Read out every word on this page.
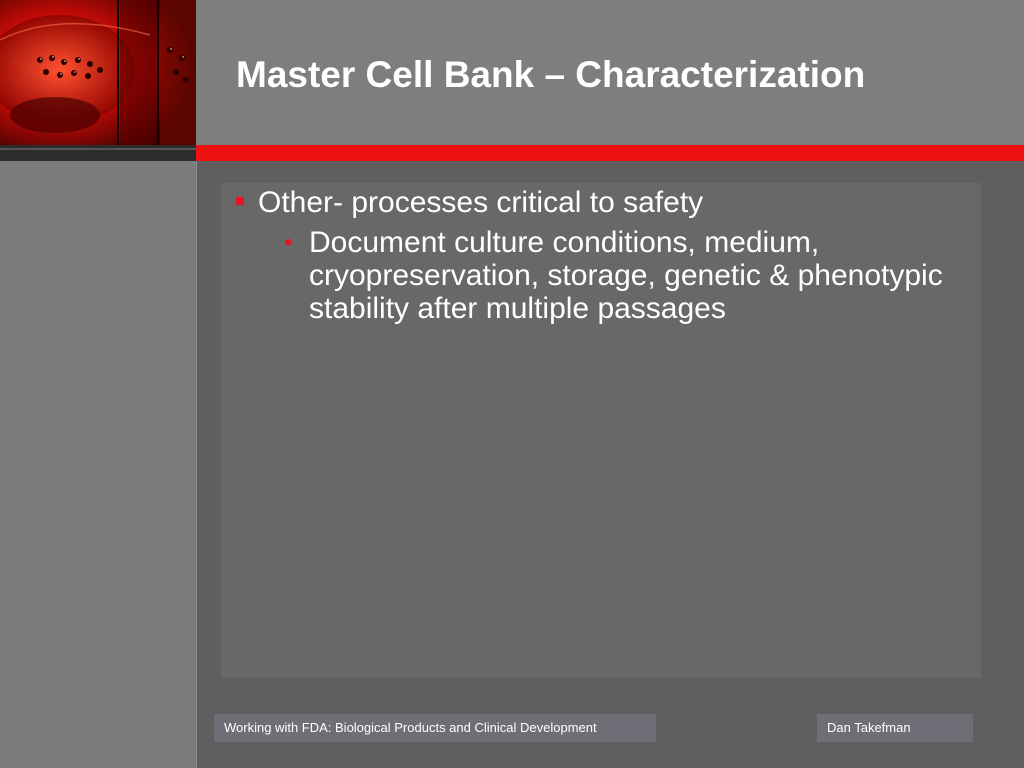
Master Cell Bank – Characterization
Other- processes critical to safety
• Document culture conditions, medium, cryopreservation, storage, genetic & phenotypic stability after multiple passages
Working with FDA: Biological Products and Clinical Development	Dan Takefman
